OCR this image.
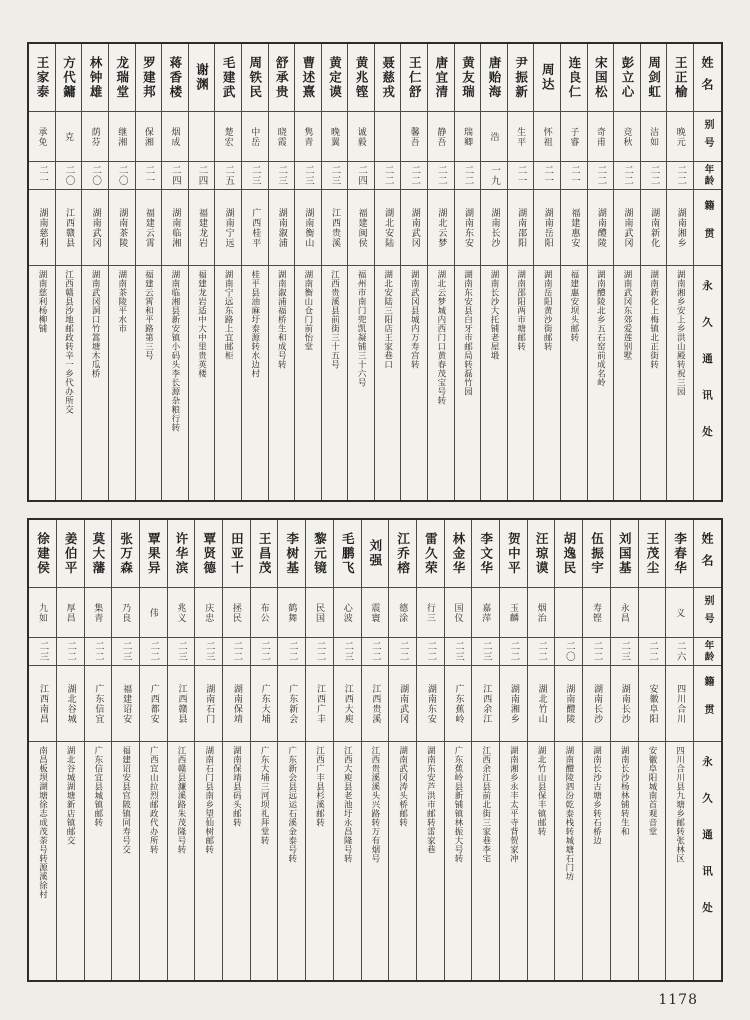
姓名
别号
年龄
籍贯
永久通讯处
王正榆
晚元
二二
湖南湘乡
湖南湘乡安上乡洪山殿转祝三园
周剑虹
洁如
二二
湖南新化
湖南新化上梅镇北正街转
彭立心
竞秋
二二
湖南武冈
湖南武冈东郊爱莲别墅
宋国松
奇甫
二二
湖南醴陵
湖南醴陵北乡五石窑前成名岭
连良仁
子睿
二一
福建惠安
福建惠安坝头邮转
周达
怀祖
二一
湖南岳阳
湖南岳阳黄沙街邮转
尹振新
生平
二一
湖南邵阳
湖南邵阳两市塘邮转
唐贻海
浩
一九
湖南长沙
湖南长沙大托铺老屋塅
黄友瑞
瑞卿
二二
湖南东安
湖南东安县白牙市邮局转磊竹园
唐宜清
静吾
二二
湖北云梦
湖北云梦城内西门口黄春茂宝号转
王仁舒
馨吾
二二
湖南武冈
湖南武冈县城内万寿宫转
聂慈戎
二二
湖北安陆
湖北安陆三阳店王家巷口
黄兆铿
诚毅
二四
福建闽侯
福州市南门兜凯凝铺三十六号
黄定谟
晚翼
二三
江西贵溪
江西贵溪县前街三十五号
曹述熹
隽青
二三
湖南衡山
湖南衡山仓门前怡堂
舒承贵
晓霞
二三
湖南溆浦
湖南溆浦福桥生和成号转
周铁民
中岳
二三
广西桂平
桂平县油麻圩泰源转水边村
毛建武
楚宏
二五
湖南宁远
湖南宁远东路上宜邮柜
谢渊
二四
福建龙岩
福建龙岩适中大中里贵英楼
蒋香楼
烟成
二四
湖南临湘
湖南临湘县新安镇小码头李长源杂粮行转
罗建邦
保湘
二一
福建云霄
福建云霄和平路第三号
龙瑞堂
继湘
二〇
湖南茶陵
湖南茶陵平水市
林钟雄
荫芬
二〇
湖南武冈
湖南武冈洞口竹篙塘木瓜桥
方代鏞
克
二〇
江西赣县
江西赣县沙地邮政转辛一乡代办所交
王家泰
承免
二一
湖南慈利
湖南慈利杨柳铺
姓名
别号
年龄
籍贯
永久通讯处
李春华
义
二六
四川合川
四川合川县九塘乡邮转张林区
王茂尘
二二
安徽阜阳
安徽阜阳城南首观音堂
刘国基
永昌
二三
湖南长沙
湖南长沙杨林铺转生和
伍振宇
寿铿
二二
湖南长沙
湖南长沙古塘乡转石桥边
胡逸民
二〇
湖南醴陵
湖南醴陵泗汾乾泰栈转城塘石门坊
汪琼谟
烟治
二二
湖北竹山
湖北竹山县保丰镇邮转
贺中平
玉麟
二二
湖南湘乡
湖南湘乡永丰太平寺背贺家冲
李文华
嘉萍
二三
江西余江
江西余江县前北街三家巷李宅
林金华
国仪
二三
广东蕉岭
广东蕉岭县新铺镇林振大号转
雷久荣
行三
二二
湖南东安
湖南东安芦洪市邮转雷家巷
江乔榕
德涂
二二
湖南武冈
湖南武冈涛头桥邮转
刘强
震寰
二二
江西贵溪
江西贵溪溪头兴路转万有烟号
毛鹏飞
心波
二三
江西大庾
江西大庾县老池圩永昌隆号转
黎元镜
民国
二二
江西广丰
江西广丰县杉溪邮转
李树基
鹤舞
二二
广东新会
广东新会县远运石溪金泰号转
王昌茂
布公
二二
广东大埔
广东大埔三河坝礼拜堂转
田亚十
拯民
二二
湖南保靖
湖南保靖县码头邮转
覃贤德
庆忠
二三
湖南石门
湖南石门县南乡望仙树邮转
许华滨
兆义
二三
江西赣县
江西赣县濂溪路朱茂隆号转
覃果异
伟
二二
广西都安
广西宜山拉烈邮政代办所转
张万森
乃良
二三
福建诏安
福建诏安县官陂镇同寿号交
莫大藩
集青
二二
广东信宜
广东信宜县城镇邮转
姜伯平
厚昌
二二
湖北谷城
湖北谷城湖塘新店镇邮交
徐建侯
九如
二三
江西南昌
南昌板坝湖塘徐志成茂荼号转源溪徐村
1178
